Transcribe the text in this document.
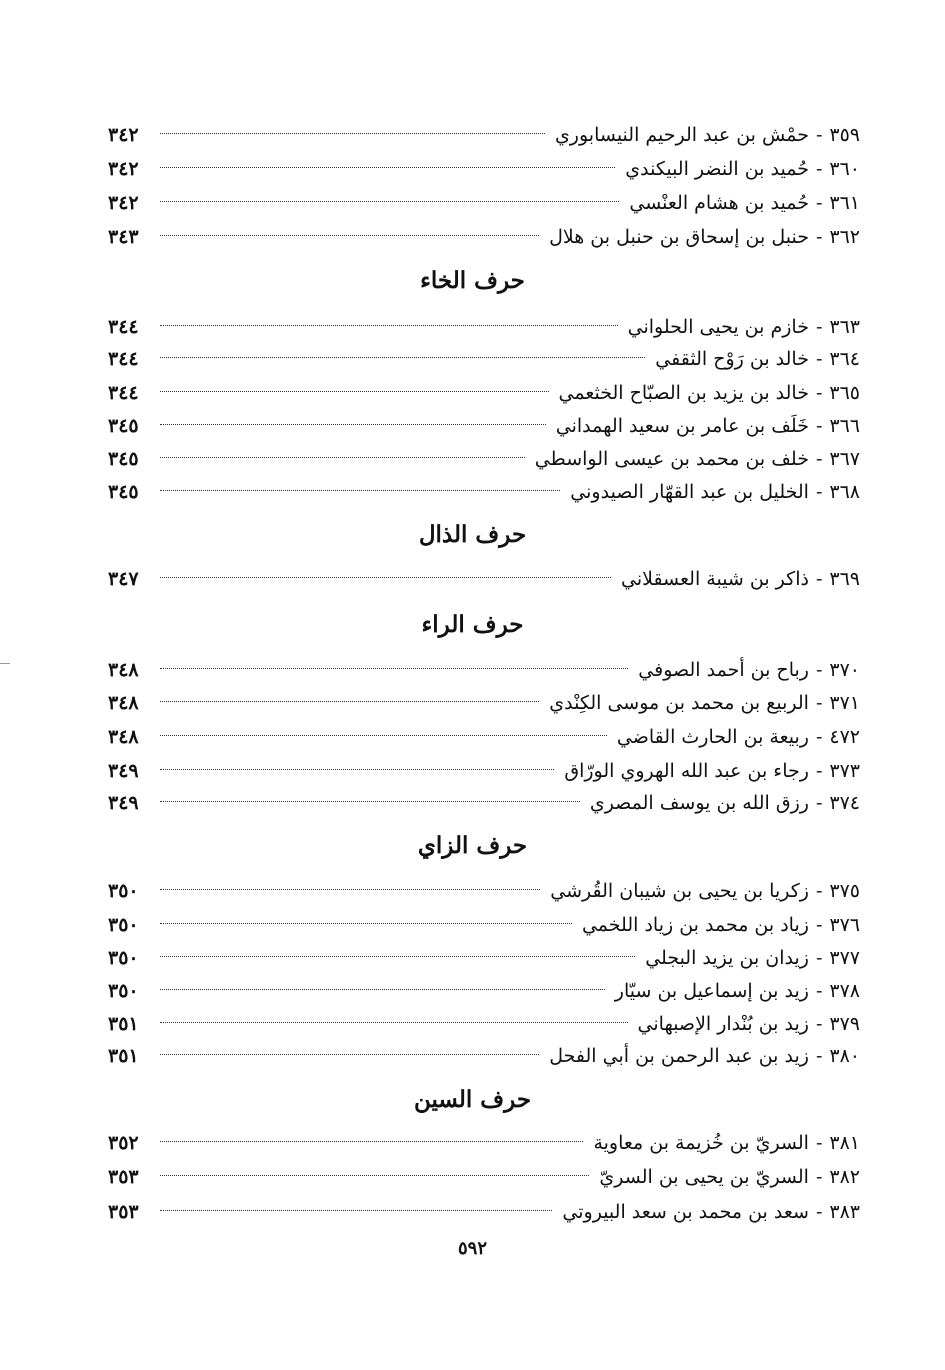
٣٥٩
-
حمْش بن عبد الرحيم النيسابوري
٣٤٢
٣٦٠
-
حُميد بن النضر البيكندي
٣٤٢
٣٦١
-
حُميد بن هشام العنْسي
٣٤٢
٣٦٢
-
حنبل بن إسحاق بن حنبل بن هلال
٣٤٣
حرف الخاء
٣٦٣
-
خازم بن يحيى الحلواني
٣٤٤
٣٦٤
-
خالد بن رَوْح الثقفي
٣٤٤
٣٦٥
-
خالد بن يزيد بن الصبّاح الخثعمي
٣٤٤
٣٦٦
-
خَلَف بن عامر بن سعيد الهمداني
٣٤٥
٣٦٧
-
خلف بن محمد بن عيسى الواسطي
٣٤٥
٣٦٨
-
الخليل بن عبد القهّار الصيدوني
٣٤٥
حرف الذال
٣٦٩
-
ذاكر بن شيبة العسقلاني
٣٤٧
حرف الراء
٣٧٠
-
رباح بن أحمد الصوفي
٣٤٨
٣٧١
-
الربيع بن محمد بن موسى الكِنْدي
٣٤٨
٤٧٢
-
ربيعة بن الحارث القاضي
٣٤٨
٣٧٣
-
رجاء بن عبد الله الهروي الورّاق
٣٤٩
٣٧٤
-
رزق الله بن يوسف المصري
٣٤٩
حرف الزاي
٣٧٥
-
زكريا بن يحيى بن شيبان القُرشي
٣٥٠
٣٧٦
-
زياد بن محمد بن زياد اللخمي
٣٥٠
٣٧٧
-
زيدان بن يزيد البجلي
٣٥٠
٣٧٨
-
زيد بن إسماعيل بن سيّار
٣٥٠
٣٧٩
-
زيد بن بُنْدار الإصبهاني
٣٥١
٣٨٠
-
زيد بن عبد الرحمن بن أبي الفحل
٣٥١
حرف السين
٣٨١
-
السريّ بن خُزيمة بن معاوية
٣٥٢
٣٨٢
-
السريّ بن يحيى بن السريّ
٣٥٣
٣٨٣
-
سعد بن محمد بن سعد البيروتي
٣٥٣
٥٩٢
